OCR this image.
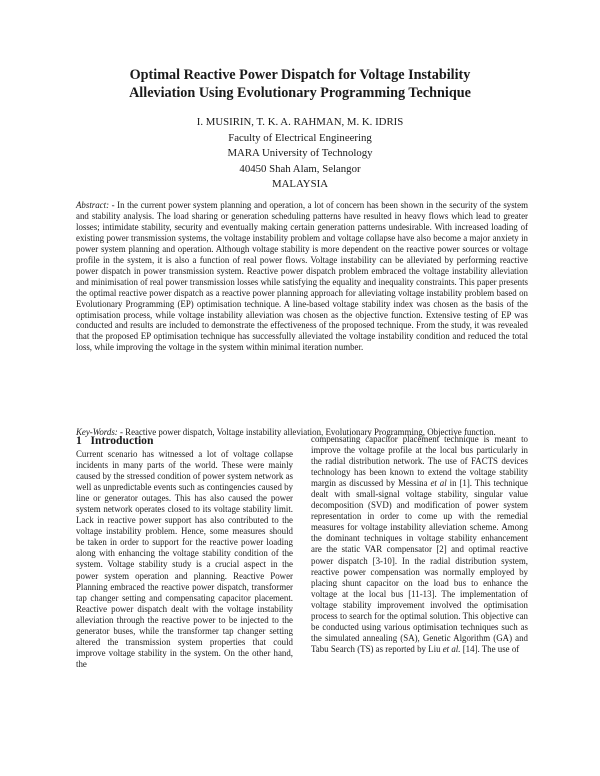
Optimal Reactive Power Dispatch for Voltage Instability
Alleviation Using Evolutionary Programming Technique
I. MUSIRIN, T. K. A. RAHMAN, M. K. IDRIS
Faculty of Electrical Engineering
MARA University of Technology
40450 Shah Alam, Selangor
MALAYSIA

Abstract: - In the current power system planning and operation, a lot of concern has been shown in the security of the system and stability analysis. The load sharing or generation scheduling patterns have resulted in heavy flows which lead to greater losses; intimidate stability, security and eventually making certain generation patterns undesirable. With increased loading of existing power transmission systems, the voltage instability problem and voltage collapse have also become a major anxiety in power system planning and operation. Although voltage stability is more dependent on the reactive power sources or voltage profile in the system, it is also a function of real power flows. Voltage instability can be alleviated by performing reactive power dispatch in power transmission system. Reactive power dispatch problem embraced the voltage instability alleviation and minimisation of real power transmission losses while satisfying the equality and inequality constraints. This paper presents the optimal reactive power dispatch as a reactive power planning approach for alleviating voltage instability problem based on Evolutionary Programming (EP) optimisation technique. A line-based voltage stability index was chosen as the basis of the optimisation process, while voltage instability alleviation was chosen as the objective function. Extensive testing of EP was conducted and results are included to demonstrate the effectiveness of the proposed technique. From the study, it was revealed that the proposed EP optimisation technique has successfully alleviated the voltage instability condition and reduced the total loss, while improving the voltage in the system within minimal iteration number.

Key-Words: - Reactive power dispatch, Voltage instability alleviation, Evolutionary Programming, Objective function.

1 Introduction

Current scenario has witnessed a lot of voltage collapse incidents in many parts of the world. These were mainly caused by the stressed condition of power system network as well as unpredictable events such as contingencies caused by line or generator outages. This has also caused the power system network operates closed to its voltage stability limit. Lack in reactive power support has also contributed to the voltage instability problem. Hence, some measures should be taken in order to support for the reactive power loading along with enhancing the voltage stability condition of the system. Voltage stability study is a crucial aspect in the power system operation and planning. Reactive Power Planning embraced the reactive power dispatch, transformer tap changer setting and compensating capacitor placement. Reactive power dispatch dealt with the voltage instability alleviation through the reactive power to be injected to the generator buses, while the transformer tap changer setting altered the transmission system properties that could improve voltage stability in the system. On the other hand, the

compensating capacitor placement technique is meant to improve the voltage profile at the local bus particularly in the radial distribution network. The use of FACTS devices technology has been known to extend the voltage stability margin as discussed by Messina et al in [1]. This technique dealt with small-signal voltage stability, singular value decomposition (SVD) and modification of power system representation in order to come up with the remedial measures for voltage instability alleviation scheme. Among the dominant techniques in voltage stability enhancement are the static VAR compensator [2] and optimal reactive power dispatch [3-10]. In the radial distribution system, reactive power compensation was normally employed by placing shunt capacitor on the load bus to enhance the voltage at the local bus [11-13]. The implementation of voltage stability improvement involved the optimisation process to search for the optimal solution. This objective can be conducted using various optimisation techniques such as the simulated annealing (SA), Genetic Algorithm (GA) and Tabu Search (TS) as reported by Liu et al. [14]. The use of
